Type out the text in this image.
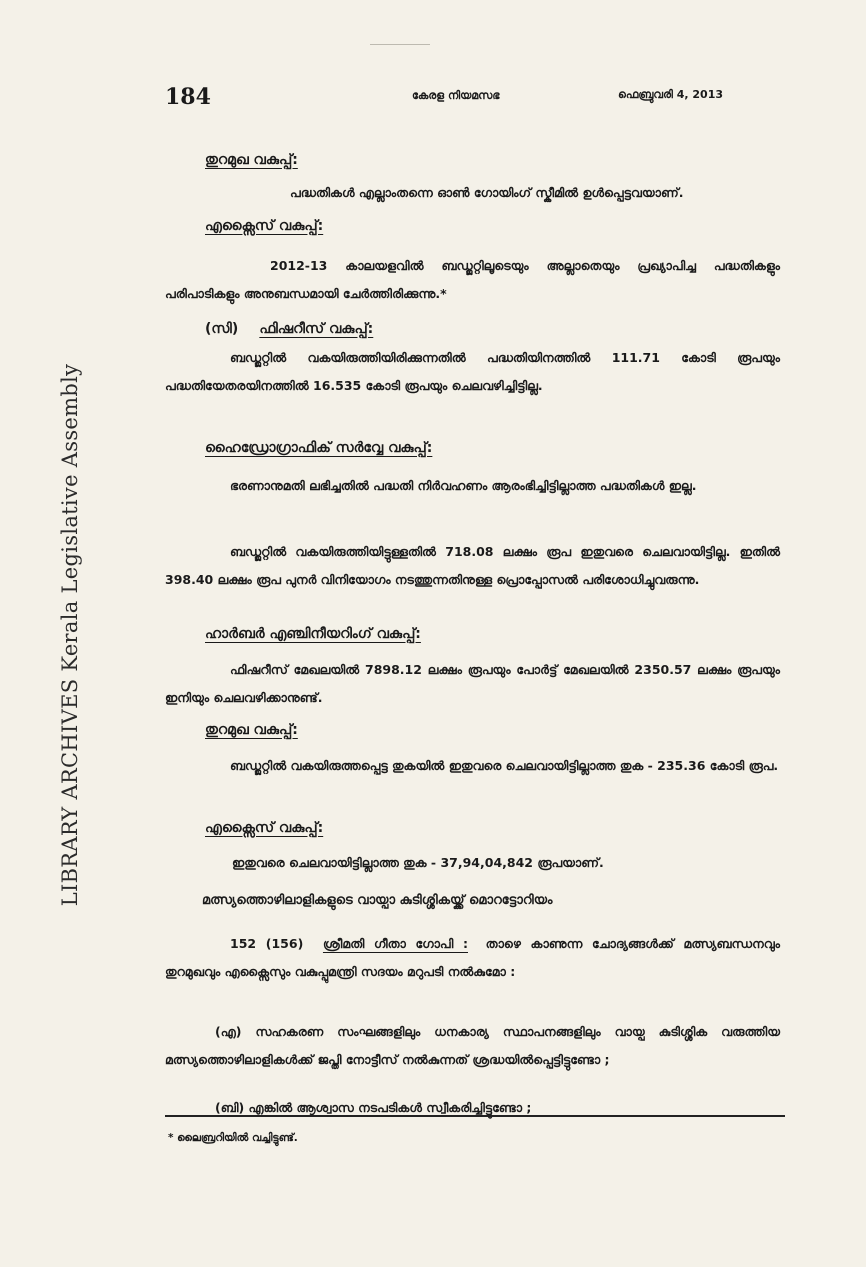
LIBRARY ARCHIVES Kerala Legislative Assembly
184	കേരള നിയമസഭ	ഫെബ്രുവരി 4, 2013
തുറമുഖ വകുപ്പ്:
പദ്ധതികൾ എല്ലാംതന്നെ ഓൺ ഗോയിംഗ് സ്കീമിൽ ഉൾപ്പെട്ടവയാണ്.
എക്സൈസ് വകുപ്പ്:
2012-13 കാലയളവിൽ ബഡ്ജറ്റിലൂടെയും അല്ലാതെയും പ്രഖ്യാപിച്ച പദ്ധതികളും പരിപാടികളും അനുബന്ധമായി ചേർത്തിരിക്കുന്നു.*
(സി) ഫിഷറീസ് വകുപ്പ്:
ബഡ്ജറ്റിൽ വകയിരുത്തിയിരിക്കുന്നതിൽ പദ്ധതിയിനത്തിൽ 111.71 കോടി രൂപയും പദ്ധതിയേതരയിനത്തിൽ 16.535 കോടി രൂപയും ചെലവഴിച്ചിട്ടില്ല.
ഹൈഡ്രോഗ്രാഫിക് സർവ്വേ വകുപ്പ്:
ഭരണാനുമതി ലഭിച്ചതിൽ പദ്ധതി നിർവഹണം ആരംഭിച്ചിട്ടില്ലാത്ത പദ്ധതികൾ ഇല്ല.
ബഡ്ജറ്റിൽ വകയിരുത്തിയിട്ടുള്ളതിൽ 718.08 ലക്ഷം രൂപ ഇതുവരെ ചെലവായിട്ടില്ല. ഇതിൽ 398.40 ലക്ഷം രൂപ പുനർ വിനിയോഗം നടത്തുന്നതിനുള്ള പ്രൊപ്പോസൽ പരിശോധിച്ചുവരുന്നു.
ഹാർബർ എഞ്ചിനീയറിംഗ് വകുപ്പ്:
ഫിഷറീസ് മേഖലയിൽ 7898.12 ലക്ഷം രൂപയും പോർട്ട് മേഖലയിൽ 2350.57 ലക്ഷം രൂപയും ഇനിയും ചെലവഴിക്കാനുണ്ട്.
തുറമുഖ വകുപ്പ്:
ബഡ്ജറ്റിൽ വകയിരുത്തപ്പെട്ട തുകയിൽ ഇതുവരെ ചെലവായിട്ടില്ലാത്ത തുക - 235.36 കോടി രൂപ.
എക്സൈസ് വകുപ്പ്:
ഇതുവരെ ചെലവായിട്ടില്ലാത്ത തുക - 37,94,04,842 രൂപയാണ്.
മത്സ്യത്തൊഴിലാളികളുടെ വായ്പാ കുടിശ്ശികയ്ക്ക് മൊറട്ടോറിയം
152 (156) ശ്രീമതി ഗീതാ ഗോപി : താഴെ കാണുന്ന ചോദ്യങ്ങൾക്ക് മത്സ്യബന്ധനവും തുറമുഖവും എക്സൈസും വകുപ്പുമന്ത്രി സദയം മറുപടി നൽകുമോ :
(എ) സഹകരണ സംഘങ്ങളിലും ധനകാര്യ സ്ഥാപനങ്ങളിലും വായ്പ കുടിശ്ശിക വരുത്തിയ മത്സ്യത്തൊഴിലാളികൾക്ക് ജപ്തി നോട്ടീസ് നൽകുന്നത് ശ്രദ്ധയിൽപ്പെട്ടിട്ടുണ്ടോ ;
(ബി) എങ്കിൽ ആശ്വാസ നടപടികൾ സ്വീകരിച്ചിട്ടുണ്ടോ ;
* ലൈബ്രറിയിൽ വച്ചിട്ടുണ്ട്.
